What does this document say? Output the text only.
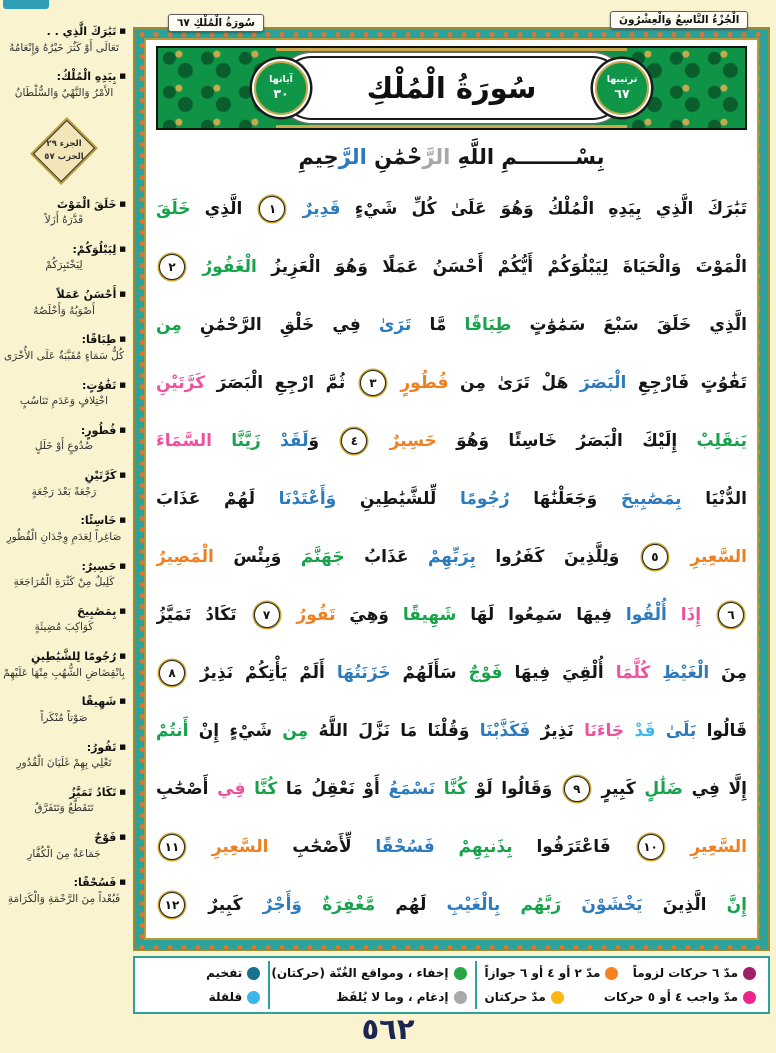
سُورَةُ الْمُلْكِ ٦٧	الْجُزْءُ التَّاسِعُ وَالْعِشْرُونَ
■تَبَٰرَكَ الَّذِي . .
تَعَالَى أَوْ كَثُرَ خَيْرُهُ وَإِنْعَامُهُ
■بِيَدِهِ الْمُلْكُ:
الأَمْرُ وَالنَّهْيُ وَالسُّلْطَانُ
الجزء ٢٩
الحزب ٥٧
■خَلَقَ الْمَوْتَ
قَدَّرَهُ أَزَلاً
■لِيَبْلُوَكُمْ:
لِيَخْتَبِرَكُمْ
■أَحْسَنُ عَمَلاً
أَصْوَبُهُ وَأَخْلَصُهُ
■طِبَاقًا:
كُلُّ سَمَاءٍ مُقَبَّبَةٌ عَلَى الأُخْرَى
■تَفَٰوُتٍ:
اخْتِلافٍ وَعَدَمِ تَنَاسُبٍ
■فُطُورٍ:
صُدُوعٍ أَوْ خَلَلٍ
■كَرَّتَيْنِ
رَجْعَةً بَعْدَ رَجْعَةٍ
■خَاسِئًا:
صَاغِراً لِعَدَمِ وِجْدَانِ الْفُطُورِ
■حَسِيرٌ:
كَلِيلٌ مِنْ كَثْرَةِ الْمُرَاجَعَةِ
■بِمَصَٰبِيحَ
كَوَاكِبَ مُضِيئَةٍ
■رُجُومًا لِلشَّيَٰطِينِ
بِانْقِضَاضِ الشُّهُبِ مِنْهَا عَلَيْهِمْ
■شَهِيقًا
صَوْتاً مُنْكَراً
■تَفُورُ:
تَغْلِي بِهِمْ غَلَيَانَ الْقُدُورِ
■تَكَادُ تَمَيَّزُ
تَتَقَطَّعُ وَتَتَفَرَّقُ
■فَوْجٌ
جَمَاعَةٌ مِنَ الْكُفَّارِ
■فَسُحْقًا:
فَبُعْداً مِنَ الرَّحْمَةِ وَالْكَرَامَةِ
سُورَةُ الْمُلْكِ	ترتيبها
٦٧
آياتها
٣٠
بِسْــــــــمِ اللَّهِ الرَّحْمَٰنِ الرَّحِيمِ
تَبَٰرَكَ الَّذِي بِيَدِهِ الْمُلْكُ وَهُوَ عَلَىٰ كُلِّ شَيْءٍ قَدِيرٌ ١ الَّذِي خَلَقَ
الْمَوْتَ وَالْحَيَاةَ لِيَبْلُوَكُمْ أَيُّكُمْ أَحْسَنُ عَمَلًا وَهُوَ الْعَزِيزُ الْغَفُورُ ٢
الَّذِي خَلَقَ سَبْعَ سَمَٰوَٰتٍ طِبَاقًا مَّا تَرَىٰ فِي خَلْقِ الرَّحْمَٰنِ مِن
تَفَٰوُتٍ فَارْجِعِ الْبَصَرَ هَلْ تَرَىٰ مِن فُطُورٍ ٣ ثُمَّ ارْجِعِ الْبَصَرَ كَرَّتَيْنِ
يَنقَلِبْ إِلَيْكَ الْبَصَرُ خَاسِئًا وَهُوَ حَسِيرٌ ٤ وَلَقَدْ زَيَّنَّا السَّمَاءَ
الدُّنْيَا بِمَصَٰبِيحَ وَجَعَلْنَٰهَا رُجُومًا لِّلشَّيَٰطِينِ وَأَعْتَدْنَا لَهُمْ عَذَابَ
السَّعِيرِ ٥ وَلِلَّذِينَ كَفَرُوا بِرَبِّهِمْ عَذَابُ جَهَنَّمَ وَبِئْسَ الْمَصِيرُ
٦ إِذَا أُلْقُوا فِيهَا سَمِعُوا لَهَا شَهِيقًا وَهِيَ تَفُورُ ٧ تَكَادُ تَمَيَّزُ
مِنَ الْغَيْظِ كُلَّمَا أُلْقِيَ فِيهَا فَوْجٌ سَأَلَهُمْ خَزَنَتُهَا أَلَمْ يَأْتِكُمْ نَذِيرٌ ٨
قَالُوا بَلَىٰ قَدْ جَاءَنَا نَذِيرٌ فَكَذَّبْنَا وَقُلْنَا مَا نَزَّلَ اللَّهُ مِن شَيْءٍ إِنْ أَنتُمْ
إِلَّا فِي ضَلَٰلٍ كَبِيرٍ ٩ وَقَالُوا لَوْ كُنَّا نَسْمَعُ أَوْ نَعْقِلُ مَا كُنَّا فِي أَصْحَٰبِ
السَّعِيرِ ١٠ فَاعْتَرَفُوا بِذَنبِهِمْ فَسُحْقًا لِّأَصْحَٰبِ السَّعِيرِ ١١
إِنَّ الَّذِينَ يَخْشَوْنَ رَبَّهُم بِالْغَيْبِ لَهُم مَّغْفِرَةٌ وَأَجْرٌ كَبِيرٌ ١٢
مدّ ٦ حركات لزوماً
مدّ ٢ أو ٤ أو ٦ جوازاً
مدّ واجب ٤ أو ٥ حركات
مدّ حركتان
إخفاء ، ومواقع الغُنّة (حركتان)
إدغام ، وما لا يُلفَظ
تفخيم
قلقلة
٥٦٢
